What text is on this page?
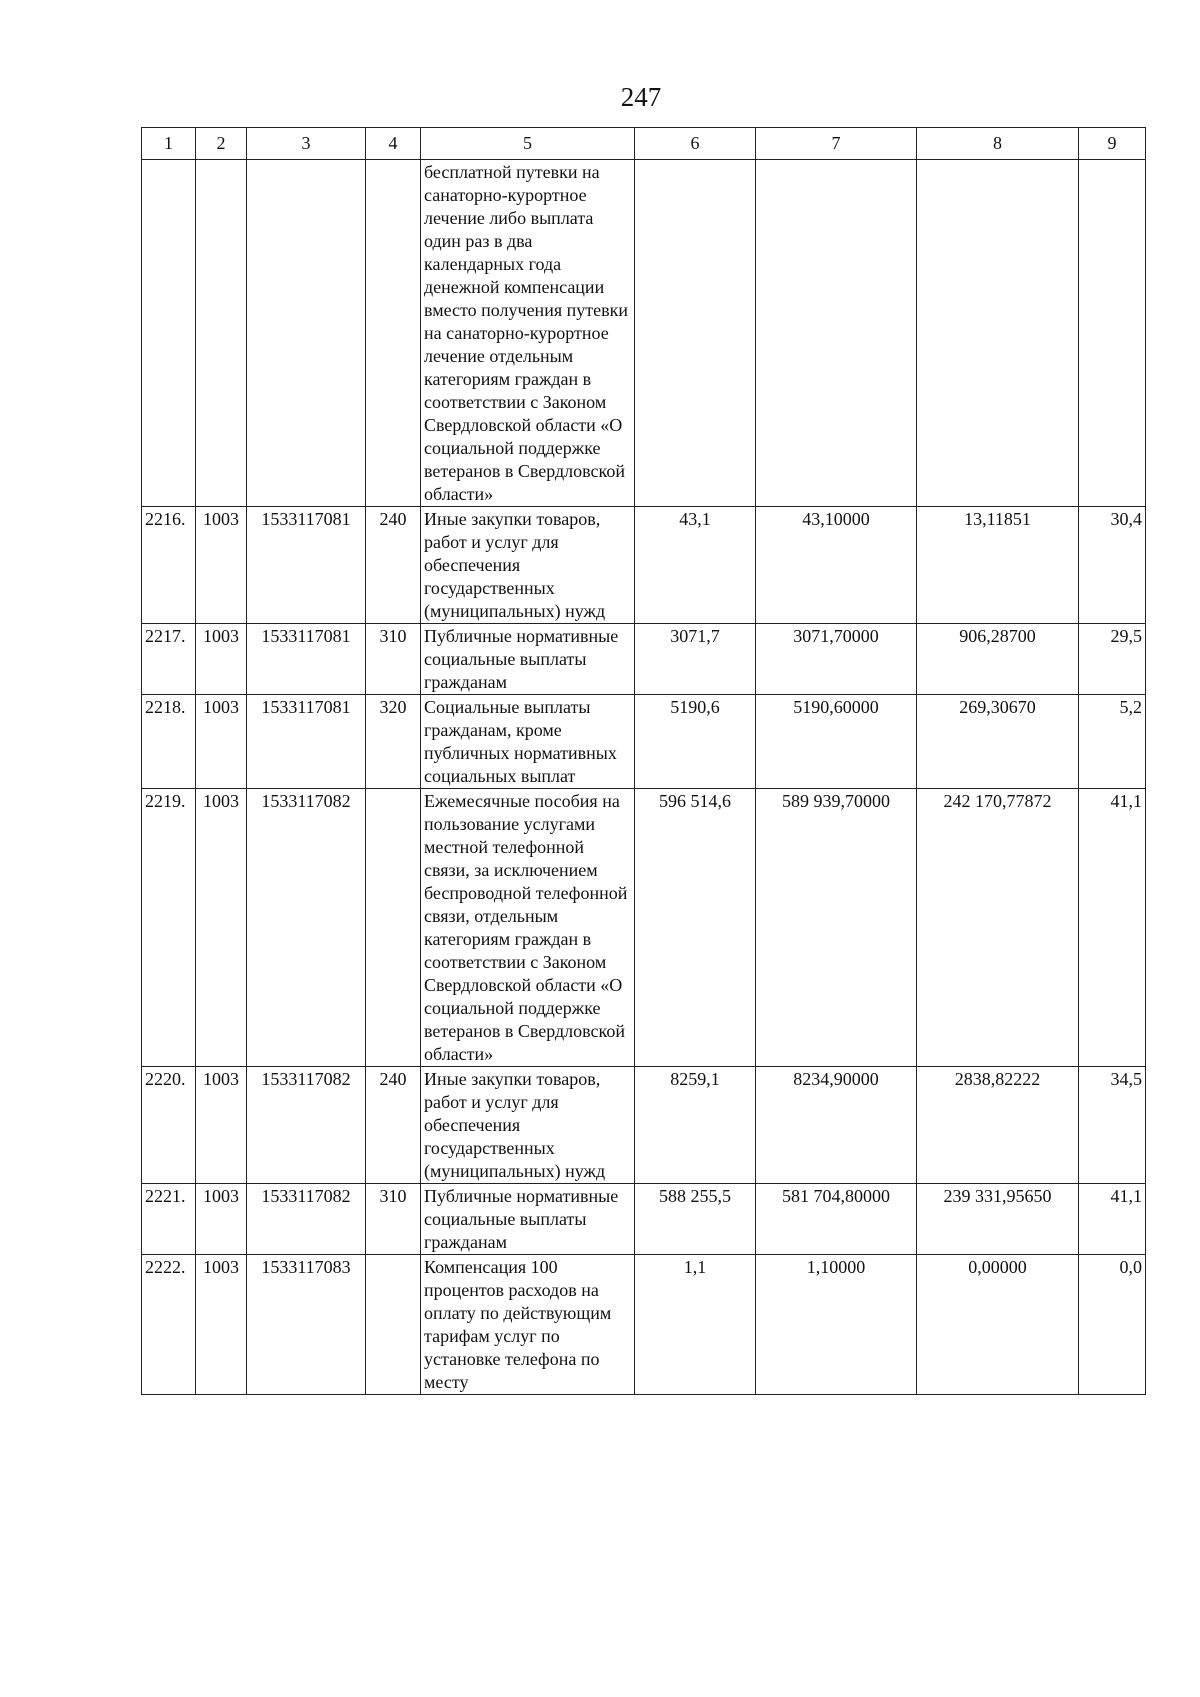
247
1	2	3	4	5	6	7	8	9
				бесплатной путевки на санаторно-курортное лечение либо выплата один раз в два календарных года денежной компенсации вместо получения путевки на санаторно-курортное лечение отдельным категориям граждан в соответствии с Законом Свердловской области «О социальной поддержке ветеранов в Свердловской области»				
2216.	1003	1533117081	240	Иные закупки товаров, работ и услуг для обеспечения государственных (муниципальных) нужд	43,1	43,10000	13,11851	30,4
2217.	1003	1533117081	310	Публичные нормативные социальные выплаты гражданам	3071,7	3071,70000	906,28700	29,5
2218.	1003	1533117081	320	Социальные выплаты гражданам, кроме публичных нормативных социальных выплат	5190,6	5190,60000	269,30670	5,2
2219.	1003	1533117082		Ежемесячные пособия на пользование услугами местной телефонной связи, за исключением беспроводной телефонной связи, отдельным категориям граждан в соответствии с Законом Свердловской области «О социальной поддержке ветеранов в Свердловской области»	596 514,6	589 939,70000	242 170,77872	41,1
2220.	1003	1533117082	240	Иные закупки товаров, работ и услуг для обеспечения государственных (муниципальных) нужд	8259,1	8234,90000	2838,82222	34,5
2221.	1003	1533117082	310	Публичные нормативные социальные выплаты гражданам	588 255,5	581 704,80000	239 331,95650	41,1
2222.	1003	1533117083		Компенсация 100 процентов расходов на оплату по действующим тарифам услуг по установке телефона по месту	1,1	1,10000	0,00000	0,0
